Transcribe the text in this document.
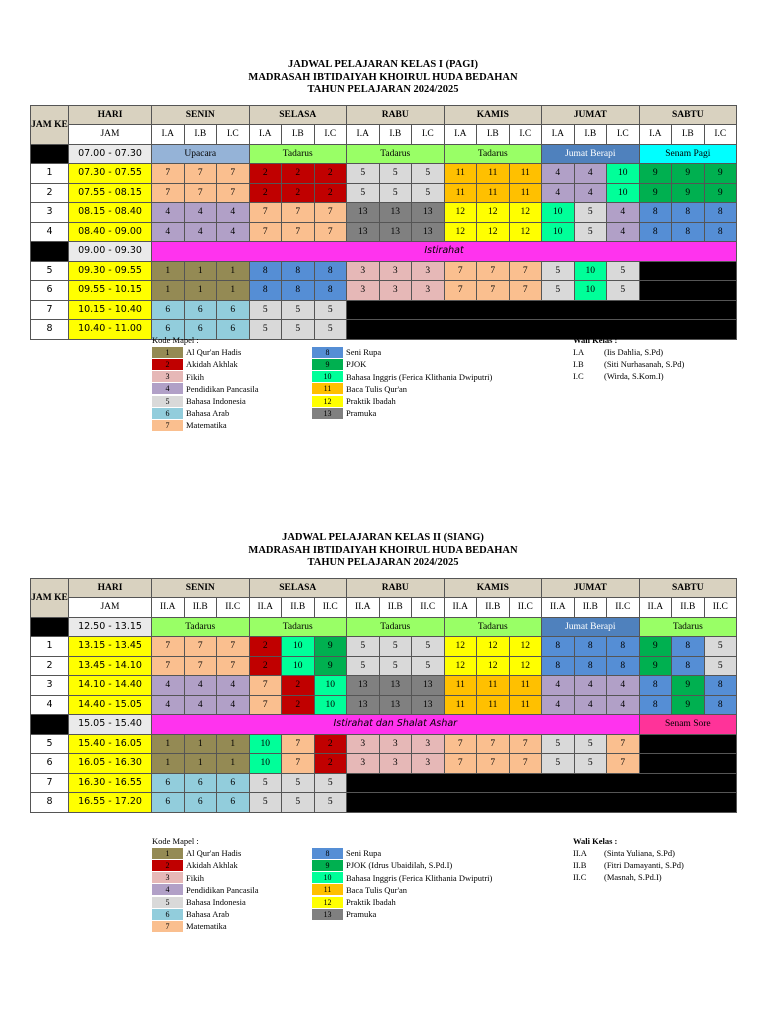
JADWAL PELAJARAN KELAS I (PAGI)
MADRASAH IBTIDAIYAH KHOIRUL HUDA BEDAHAN
TAHUN PELAJARAN 2024/2025
JAM KE	HARI	SENIN			SELASA			RABU			KAMIS			JUMAT			SABTU		
	JAM	I.A	I.B	I.C	I.A	I.B	I.C	I.A	I.B	I.C	I.A	I.B	I.C	I.A	I.B	I.C	I.A	I.B	I.C
	07.00 - 07.30	Upacara			Tadarus			Tadarus			Tadarus			Jumat Berapi			Senam Pagi		
1	07.30 - 07.55	7	7	7	2	2	2	5	5	5	11	11	11	4	4	10	9	9	9
2	07.55 - 08.15	7	7	7	2	2	2	5	5	5	11	11	11	4	4	10	9	9	9
3	08.15 - 08.40	4	4	4	7	7	7	13	13	13	12	12	12	10	5	4	8	8	8
4	08.40 - 09.00	4	4	4	7	7	7	13	13	13	12	12	12	10	5	4	8	8	8
	09.00 - 09.30	Istirahat																	
5	09.30 - 09.55	1	1	1	8	8	8	3	3	3	7	7	7	5	10	5			
6	09.55 - 10.15	1	1	1	8	8	8	3	3	3	7	7	7	5	10	5			
7	10.15 - 10.40	6	6	6	5	5	5												
8	10.40 - 11.00	6	6	6	5	5	5												
Kode Mapel :
1	Al Qur'an Hadis
2	Akidah Akhlak
3	Fikih
4	Pendidikan Pancasila
5	Bahasa Indonesia
6	Bahasa Arab
7	Matematika
8	Seni Rupa
9	PJOK
10	Bahasa Inggris (Ferica Klithania Dwiputri)
11	Baca Tulis Qur'an
12	Praktik Ibadah
13	Pramuka
Wali Kelas :
I.A	(Iis Dahlia, S.Pd)
I.B	(Siti Nurhasanah, S.Pd)
I.C	(Wirda, S.Kom.I)
JADWAL PELAJARAN KELAS II (SIANG)
MADRASAH IBTIDAIYAH KHOIRUL HUDA BEDAHAN
TAHUN PELAJARAN 2024/2025
JAM KE	HARI	SENIN			SELASA			RABU			KAMIS			JUMAT			SABTU		
	JAM	II.A	II.B	II.C	II.A	II.B	II.C	II.A	II.B	II.C	II.A	II.B	II.C	II.A	II.B	II.C	II.A	II.B	II.C
	12.50 - 13.15	Tadarus			Tadarus			Tadarus			Tadarus			Jumat Berapi			Tadarus		
1	13.15 - 13.45	7	7	7	2	10	9	5	5	5	12	12	12	8	8	8	9	8	5
2	13.45 - 14.10	7	7	7	2	10	9	5	5	5	12	12	12	8	8	8	9	8	5
3	14.10 - 14.40	4	4	4	7	2	10	13	13	13	11	11	11	4	4	4	8	9	8
4	14.40 - 15.05	4	4	4	7	2	10	13	13	13	11	11	11	4	4	4	8	9	8
	15.05 - 15.40	Istirahat dan Shalat Ashar															Senam Sore		
5	15.40 - 16.05	1	1	1	10	7	2	3	3	3	7	7	7	5	5	7			
6	16.05 - 16.30	1	1	1	10	7	2	3	3	3	7	7	7	5	5	7			
7	16.30 - 16.55	6	6	6	5	5	5												
8	16.55 - 17.20	6	6	6	5	5	5												
Kode Mapel :
1	Al Qur'an Hadis
2	Akidah Akhlak
3	Fikih
4	Pendidikan Pancasila
5	Bahasa Indonesia
6	Bahasa Arab
7	Matematika
8	Seni Rupa
9	PJOK (Idrus Ubaidilah, S.Pd.I)
10	Bahasa Inggris (Ferica Klithania Dwiputri)
11	Baca Tulis Qur'an
12	Praktik Ibadah
13	Pramuka
Wali Kelas :
II.A	(Sinta Yuliana, S.Pd)
II.B	(Fitri Damayanti, S.Pd)
II.C	(Masnah, S.Pd.I)
